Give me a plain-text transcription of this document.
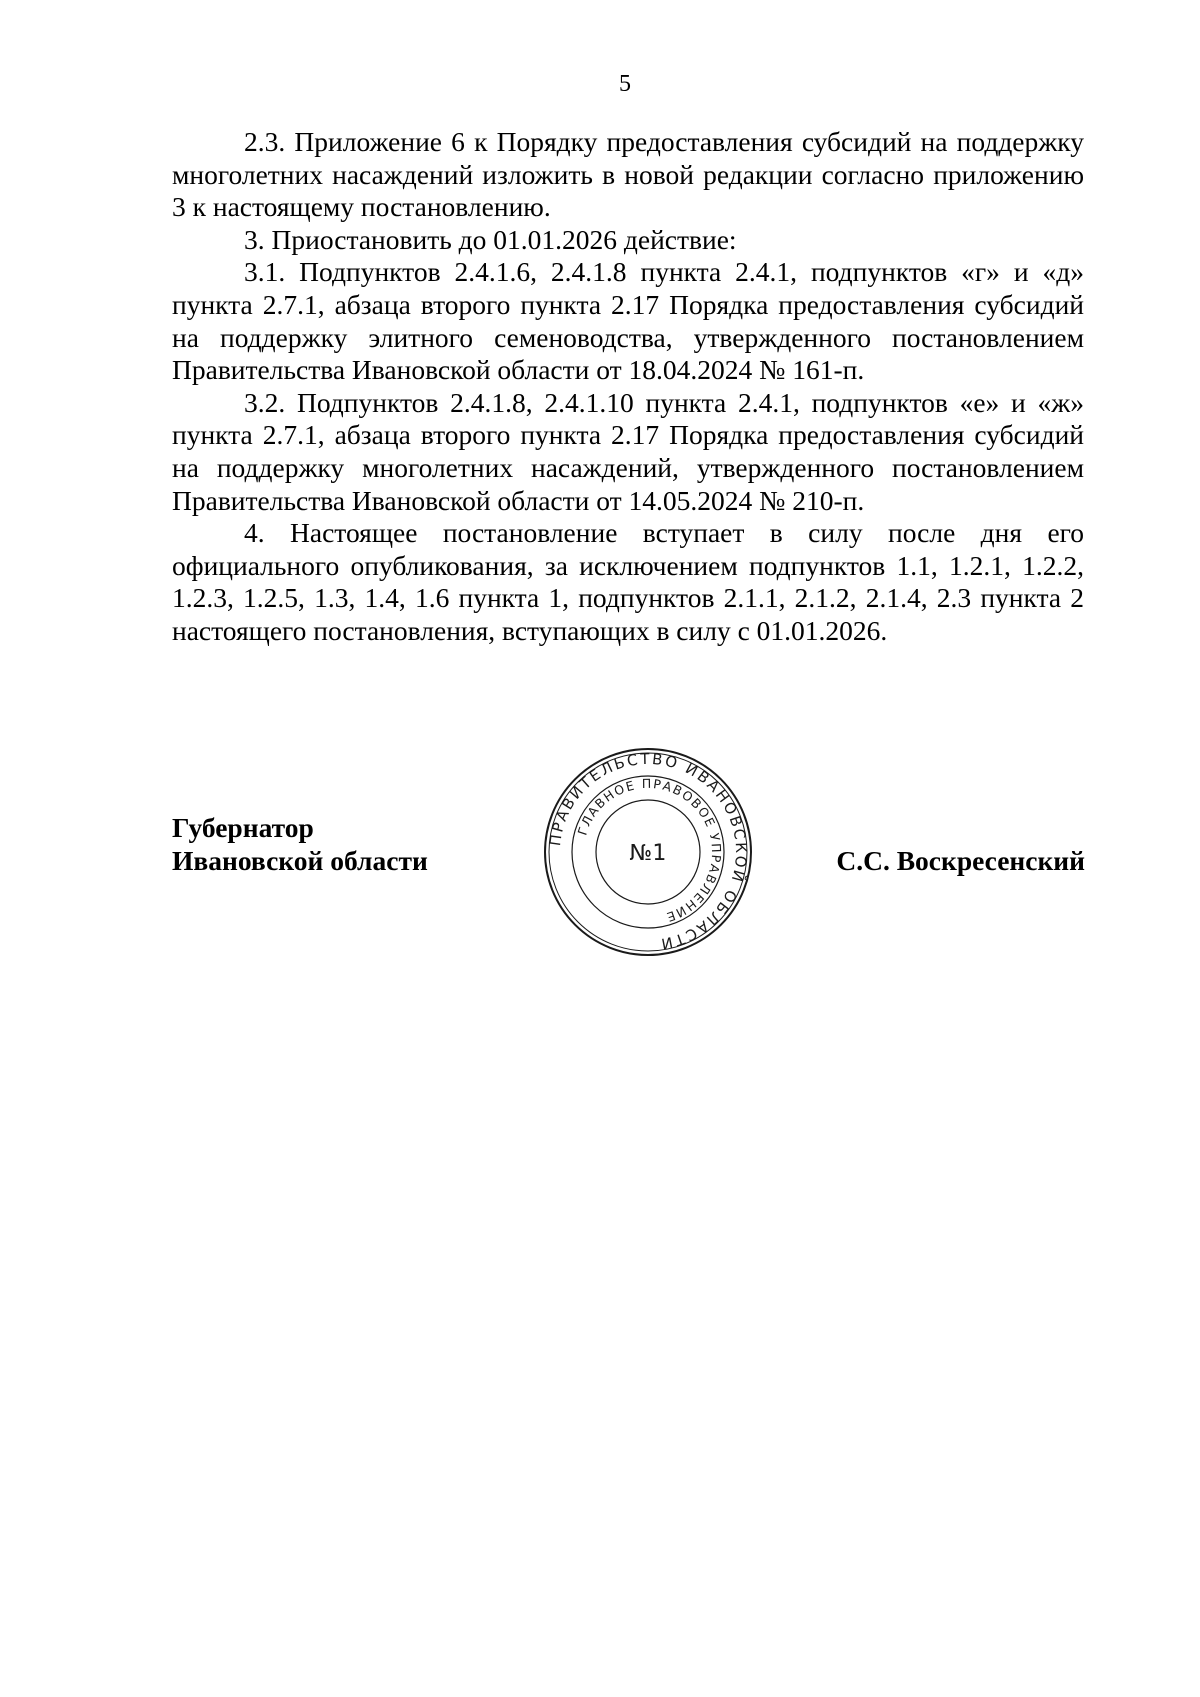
5

2.3. Приложение 6 к Порядку предоставления субсидий на поддержку многолетних насаждений изложить в новой редакции согласно приложению 3 к настоящему постановлению.

3. Приостановить до 01.01.2026 действие:

3.1. Подпунктов 2.4.1.6, 2.4.1.8 пункта 2.4.1, подпунктов «г» и «д» пункта 2.7.1, абзаца второго пункта 2.17 Порядка предоставления субсидий на поддержку элитного семеноводства, утвержденного постановлением Правительства Ивановской области от 18.04.2024 № 161-п.

3.2. Подпунктов 2.4.1.8, 2.4.1.10 пункта 2.4.1, подпунктов «е» и «ж» пункта 2.7.1, абзаца второго пункта 2.17 Порядка предоставления субсидий на поддержку многолетних насаждений, утвержденного постановлением Правительства Ивановской области от 14.05.2024 № 210-п.

4. Настоящее постановление вступает в силу после дня его официального опубликования, за исключением подпунктов 1.1, 1.2.1, 1.2.2, 1.2.3, 1.2.5, 1.3, 1.4, 1.6 пункта 1, подпунктов 2.1.1, 2.1.2, 2.1.4, 2.3 пункта 2 настоящего постановления, вступающих в силу с 01.01.2026.

Губернатор
Ивановской области	С.С. Воскресенский
ПРАВИТЕЛЬСТВО ИВАНОВСКОЙ ОБЛАСТИ
ГЛАВНОЕ ПРАВОВОЕ УПРАВЛЕНИЕ
№1
